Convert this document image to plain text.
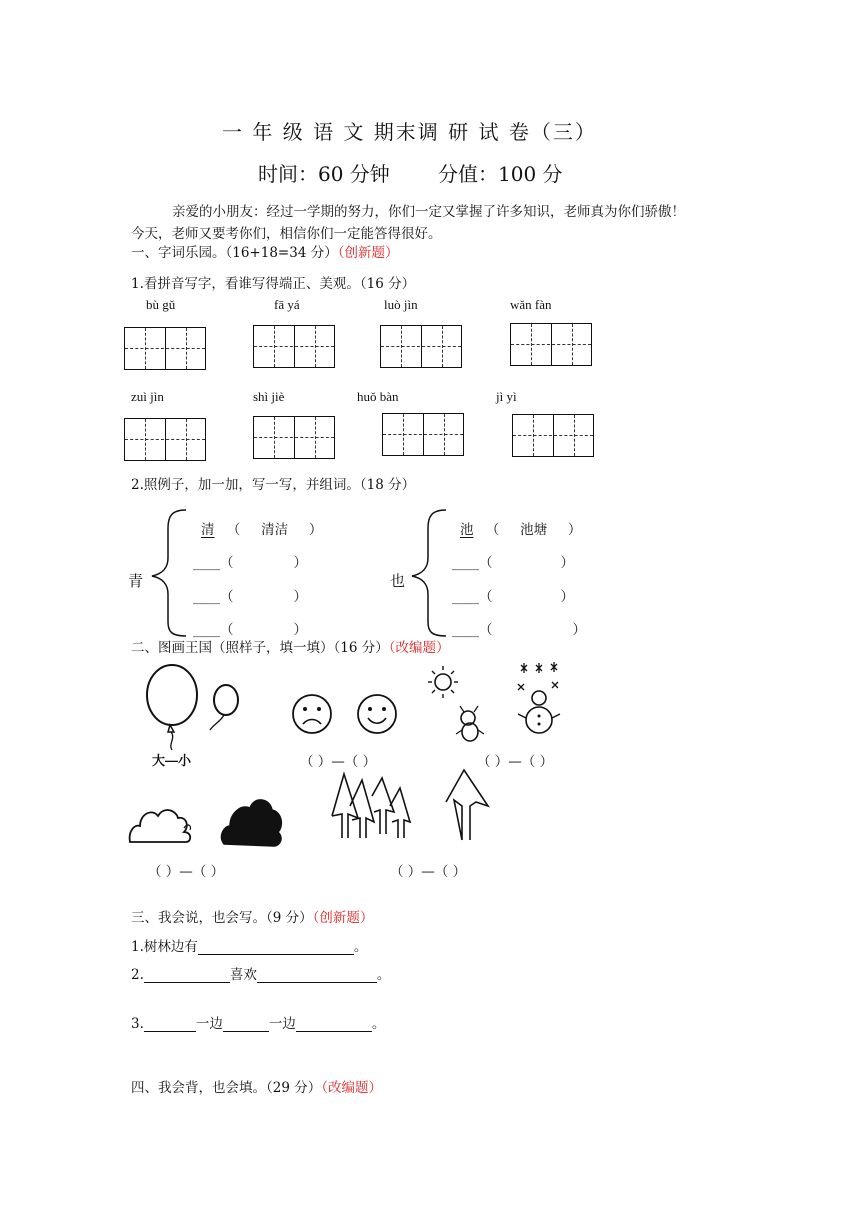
一 年 级 语 文 期末调 研 试 卷（三）
时间：60 分钟 分值：100 分
亲爱的小朋友：经过一学期的努力，你们一定又掌握了许多知识，老师真为你们骄傲！
今天，老师又要考你们，相信你们一定能答得很好。
一、字词乐园。（16+18=34 分）（创新题）
1.看拼音写字，看谁写得端正、美观。（16 分）
bù gǔ	fā yá	luò jìn	wǎn fàn
zuì jìn	shì jiè	huǒ bàn	jì yì
2.照例子，加一加，写一写，并组词。（18 分）
青	也
清 （ 清洁 ）
____（	）
____（	）
____（	）
池 （ 池塘 ）
____（	）
____（	）
____（	）
二、图画王国（照样子，填一填）（16 分）（改编题）
大—小	（ ）—（ ）	（ ）—（ ）
（ ）—（ ）	（ ）—（ ）
三、我会说，也会写。（9 分）（创新题）
1.树林边有	。
2.	喜欢	。
3.	一边	一边	。
四、我会背，也会填。（29 分）（改编题）
